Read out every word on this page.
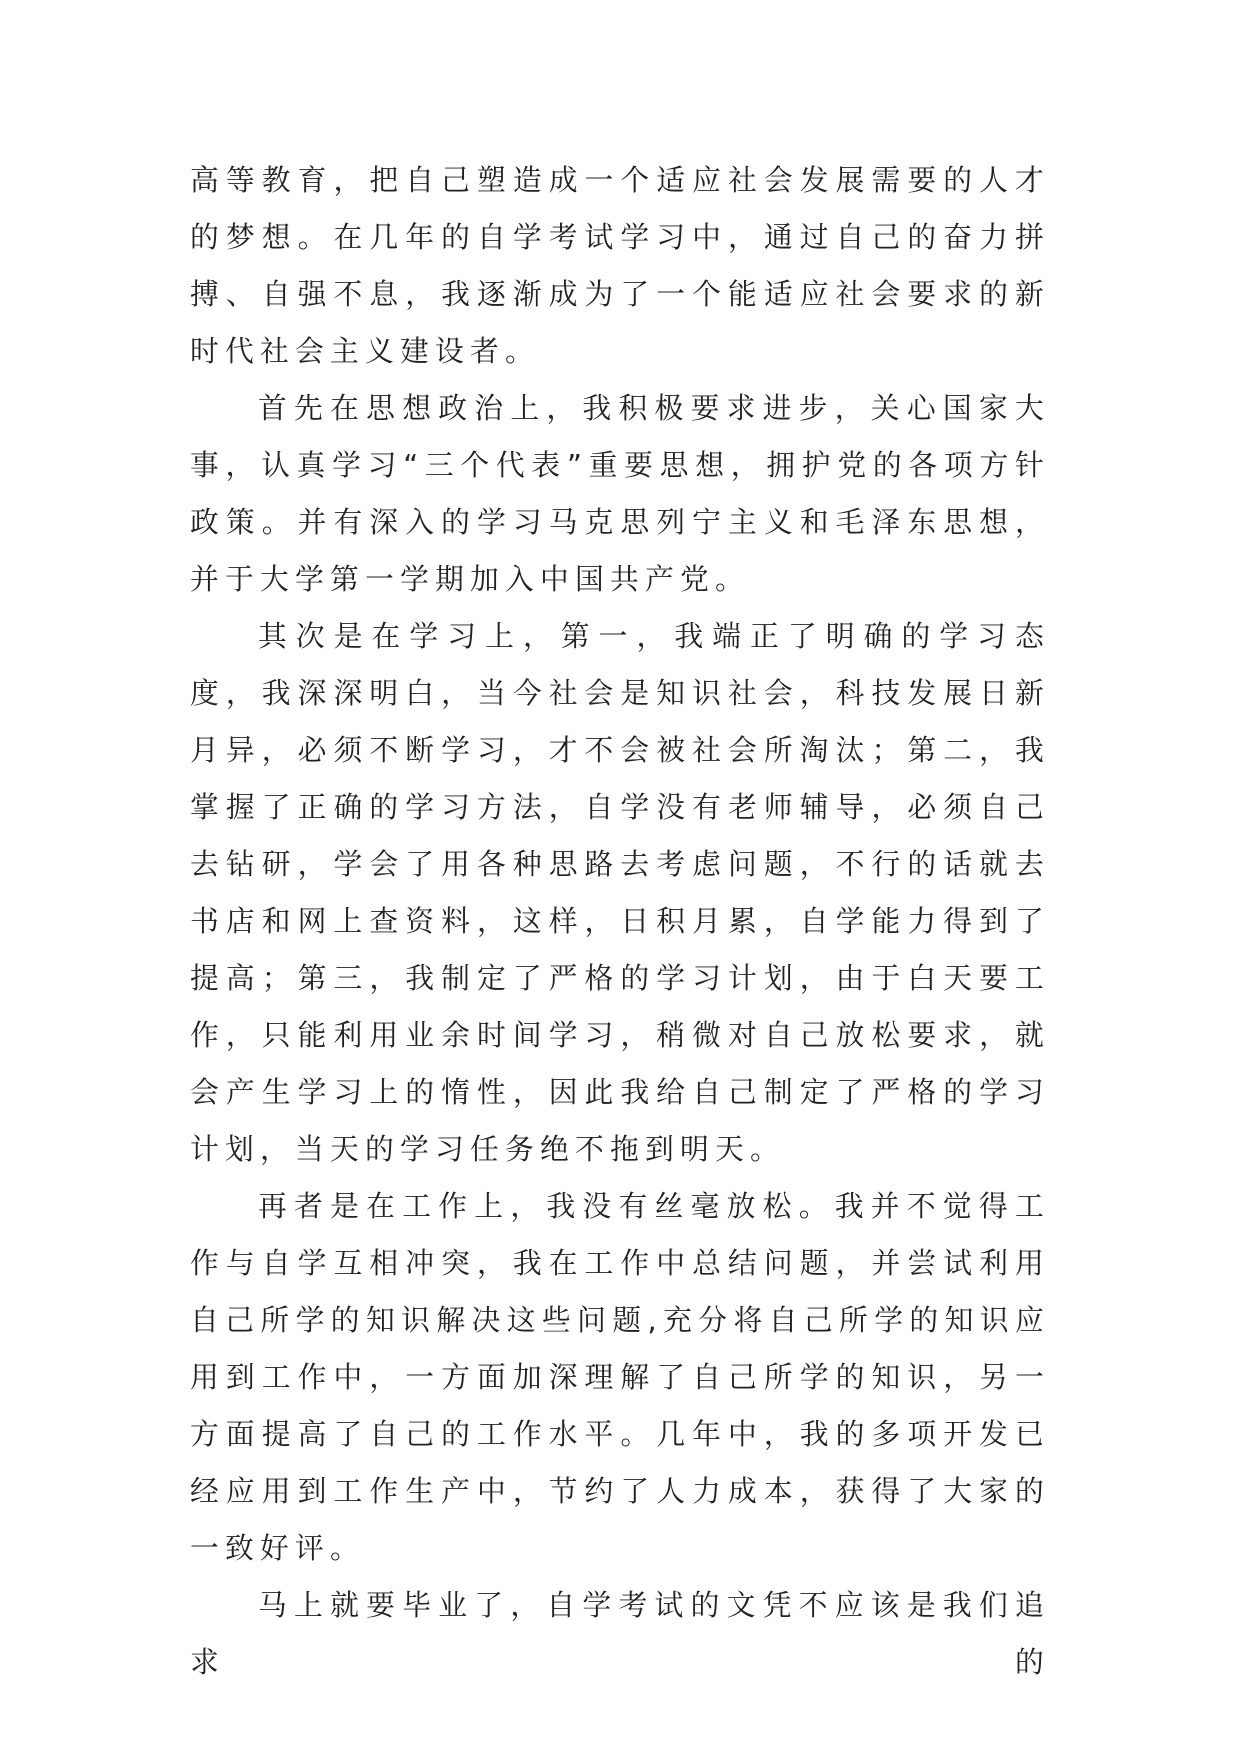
高等教育，把自己塑造成一个适应社会发展需要的人才的梦想。在几年的自学考试学习中，通过自己的奋力拼搏、自强不息，我逐渐成为了一个能适应社会要求的新时代社会主义建设者。

首先在思想政治上，我积极要求进步，关心国家大事，认真学习“三个代表”重要思想，拥护党的各项方针政策。并有深入的学习马克思列宁主义和毛泽东思想，并于大学第一学期加入中国共产党。

其次是在学习上，第一，我端正了明确的学习态度，我深深明白，当今社会是知识社会，科技发展日新月异，必须不断学习，才不会被社会所淘汰；第二，我掌握了正确的学习方法，自学没有老师辅导，必须自己去钻研，学会了用各种思路去考虑问题，不行的话就去书店和网上查资料，这样，日积月累，自学能力得到了提高；第三，我制定了严格的学习计划，由于白天要工作，只能利用业余时间学习，稍微对自己放松要求，就会产生学习上的惰性，因此我给自己制定了严格的学习计划，当天的学习任务绝不拖到明天。

再者是在工作上，我没有丝毫放松。我并不觉得工作与自学互相冲突，我在工作中总结问题，并尝试利用自己所学的知识解决这些问题,充分将自己所学的知识应用到工作中，一方面加深理解了自己所学的知识，另一方面提高了自己的工作水平。几年中，我的多项开发已经应用到工作生产中，节约了人力成本，获得了大家的一致好评。

马上就要毕业了，自学考试的文凭不应该是我们追求的
